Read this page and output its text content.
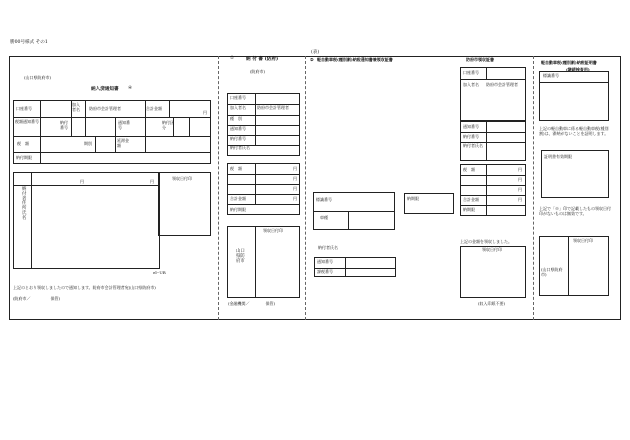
勝00号様式 その1
(表)
(山口県防府市)
納入済通知書 ④
口座番号
加入者名	防府市会計管理者	合計金額
円
税額通知番号	納付番号
通知番号
納付区分
税　額	期別
延滞金額
納付期限
円	円
納付者住所氏名
領収日付印
el--UR
上記のとおり領収しましたので通知します。防府市会計管理者宛(山口県防府市)
(防府市／　　　　　保管)
①	納 付 書 (防府)
(防府市)
口座番号
加入者名	防府市会計管理者
種　別
通知番号
納付番号
納付者氏名
税　額	円
円
円
合計金額	円
納付期限
領収日付印
山口県防府市
(金融機関／　　　　保管)
② 軽自動車税(種別割)納稅通知書兼領収証書
標識番号
車種
納期限
納付者氏名
通知番号
課税番号
防府市領収証書
口座番号
加入者名 防府市会計管理者
通知番号
納付番号
納付者氏名
税　額	円
円
円
合計金額	円
納期限
上記の金額を領収しました。
領収日付印
(収入印紙不要)
軽自動車税(種別割)納税証明書
(継続検査用)
標識番号
上記の軽自動車に係る軽自動車税(種別割)は、滞納がないことを証明します。
証明書有効期限
上記で「※」印で記載したもの領収日付印がないものは無効です。
領収日付印
(山口県防府市)
